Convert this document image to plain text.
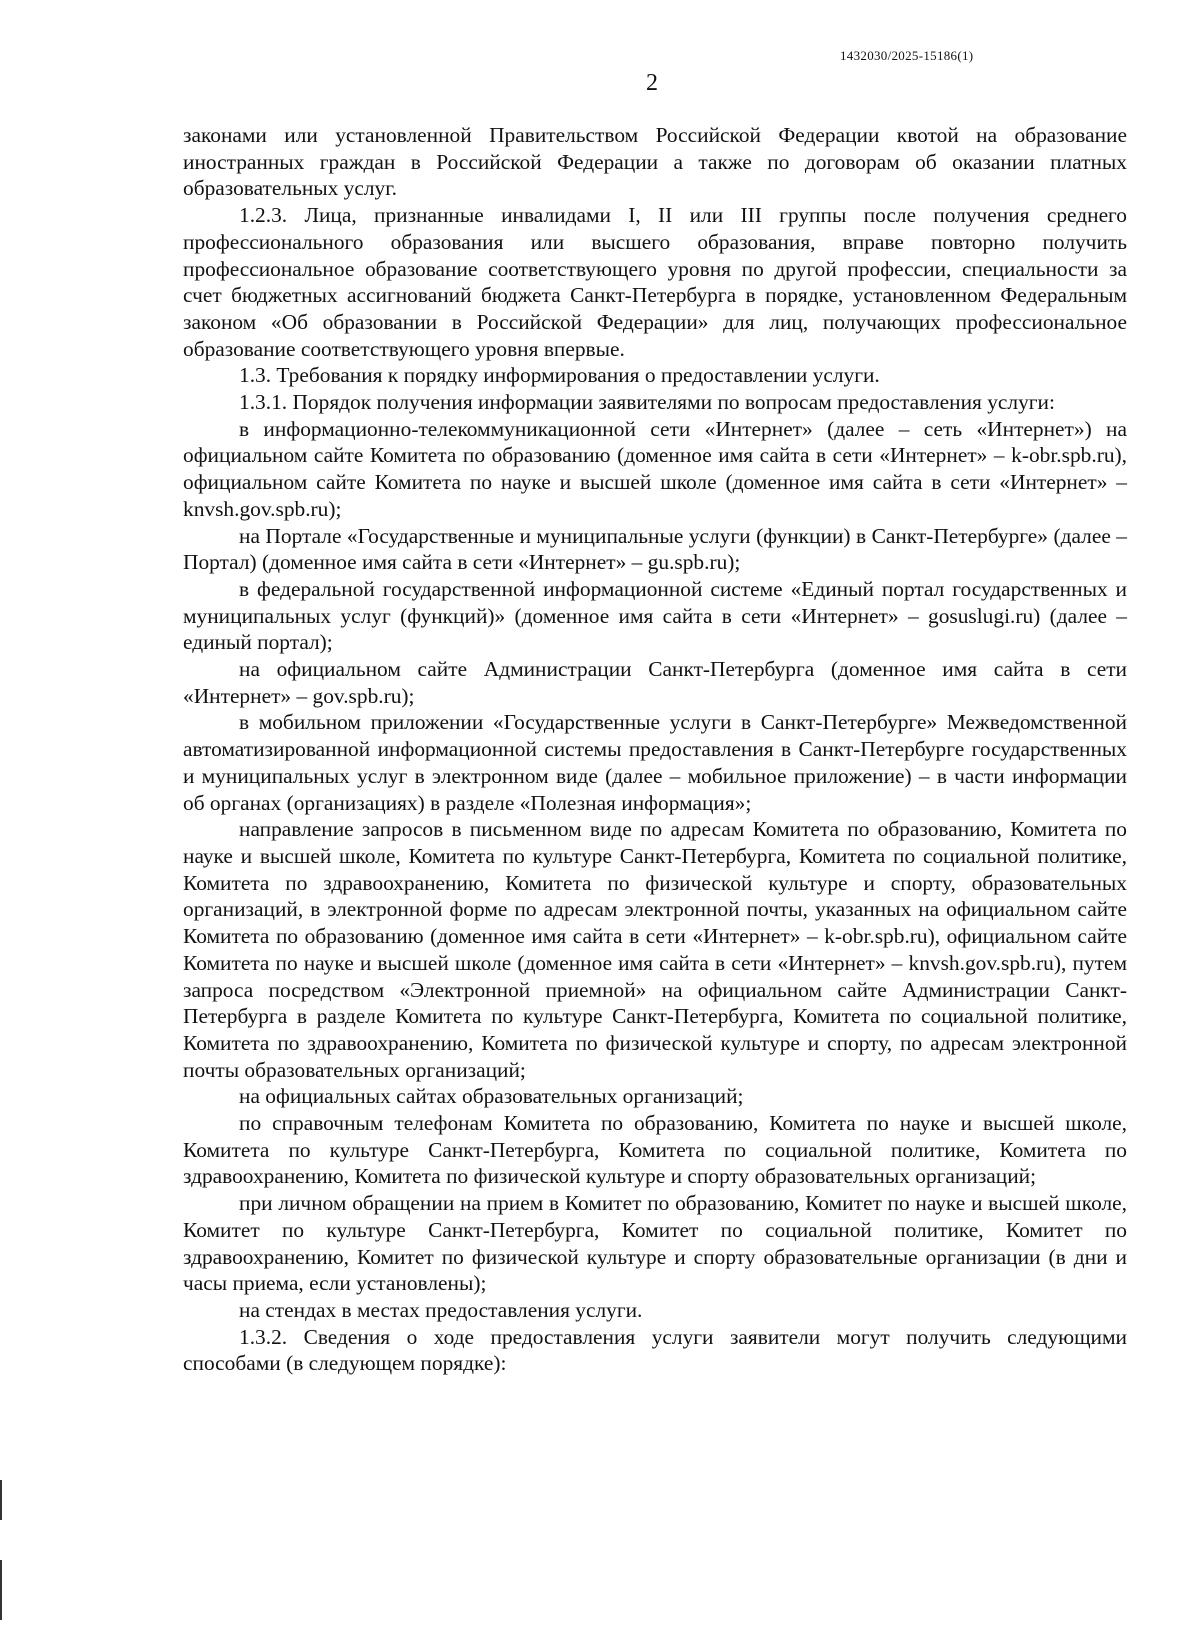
1432030/2025-15186(1)
2

законами или установленной Правительством Российской Федерации квотой на образование иностранных граждан в Российской Федерации а также по договорам об оказании платных образовательных услуг.

1.2.3. Лица, признанные инвалидами I, II или III группы после получения среднего профессионального образования или высшего образования, вправе повторно получить профессиональное образование соответствующего уровня по другой профессии, специальности за счет бюджетных ассигнований бюджета Санкт-Петербурга в порядке, установленном Федеральным законом «Об образовании в Российской Федерации» для лиц, получающих профессиональное образование соответствующего уровня впервые.

1.3. Требования к порядку информирования о предоставлении услуги.

1.3.1. Порядок получения информации заявителями по вопросам предоставления услуги:

в информационно-телекоммуникационной сети «Интернет» (далее – сеть «Интернет») на официальном сайте Комитета по образованию (доменное имя сайта в сети «Интернет» – k-obr.spb.ru), официальном сайте Комитета по науке и высшей школе (доменное имя сайта в сети «Интернет» – knvsh.gov.spb.ru);

на Портале «Государственные и муниципальные услуги (функции) в Санкт-Петербурге» (далее – Портал) (доменное имя сайта в сети «Интернет» – gu.spb.ru);

в федеральной государственной информационной системе «Единый портал государственных и муниципальных услуг (функций)» (доменное имя сайта в сети «Интернет» – gosuslugi.ru) (далее – единый портал);

на официальном сайте Администрации Санкт-Петербурга (доменное имя сайта в сети «Интернет» – gov.spb.ru);

в мобильном приложении «Государственные услуги в Санкт-Петербурге» Межведомственной автоматизированной информационной системы предоставления в Санкт-Петербурге государственных и муниципальных услуг в электронном виде (далее – мобильное приложение) – в части информации об органах (организациях) в разделе «Полезная информация»;

направление запросов в письменном виде по адресам Комитета по образованию, Комитета по науке и высшей школе, Комитета по культуре Санкт-Петербурга, Комитета по социальной политике, Комитета по здравоохранению, Комитета по физической культуре и спорту, образовательных организаций, в электронной форме по адресам электронной почты, указанных на официальном сайте Комитета по образованию (доменное имя сайта в сети «Интернет» – k-obr.spb.ru), официальном сайте Комитета по науке и высшей школе (доменное имя сайта в сети «Интернет» – knvsh.gov.spb.ru), путем запроса посредством «Электронной приемной» на официальном сайте Администрации Санкт-Петербурга в разделе Комитета по культуре Санкт-Петербурга, Комитета по социальной политике, Комитета по здравоохранению, Комитета по физической культуре и спорту, по адресам электронной почты образовательных организаций;

на официальных сайтах образовательных организаций;

по справочным телефонам Комитета по образованию, Комитета по науке и высшей школе, Комитета по культуре Санкт-Петербурга, Комитета по социальной политике, Комитета по здравоохранению, Комитета по физической культуре и спорту образовательных организаций;

при личном обращении на прием в Комитет по образованию, Комитет по науке и высшей школе, Комитет по культуре Санкт-Петербурга, Комитет по социальной политике, Комитет по здравоохранению, Комитет по физической культуре и спорту образовательные организации (в дни и часы приема, если установлены);

на стендах в местах предоставления услуги.

1.3.2. Сведения о ходе предоставления услуги заявители могут получить следующими способами (в следующем порядке):
